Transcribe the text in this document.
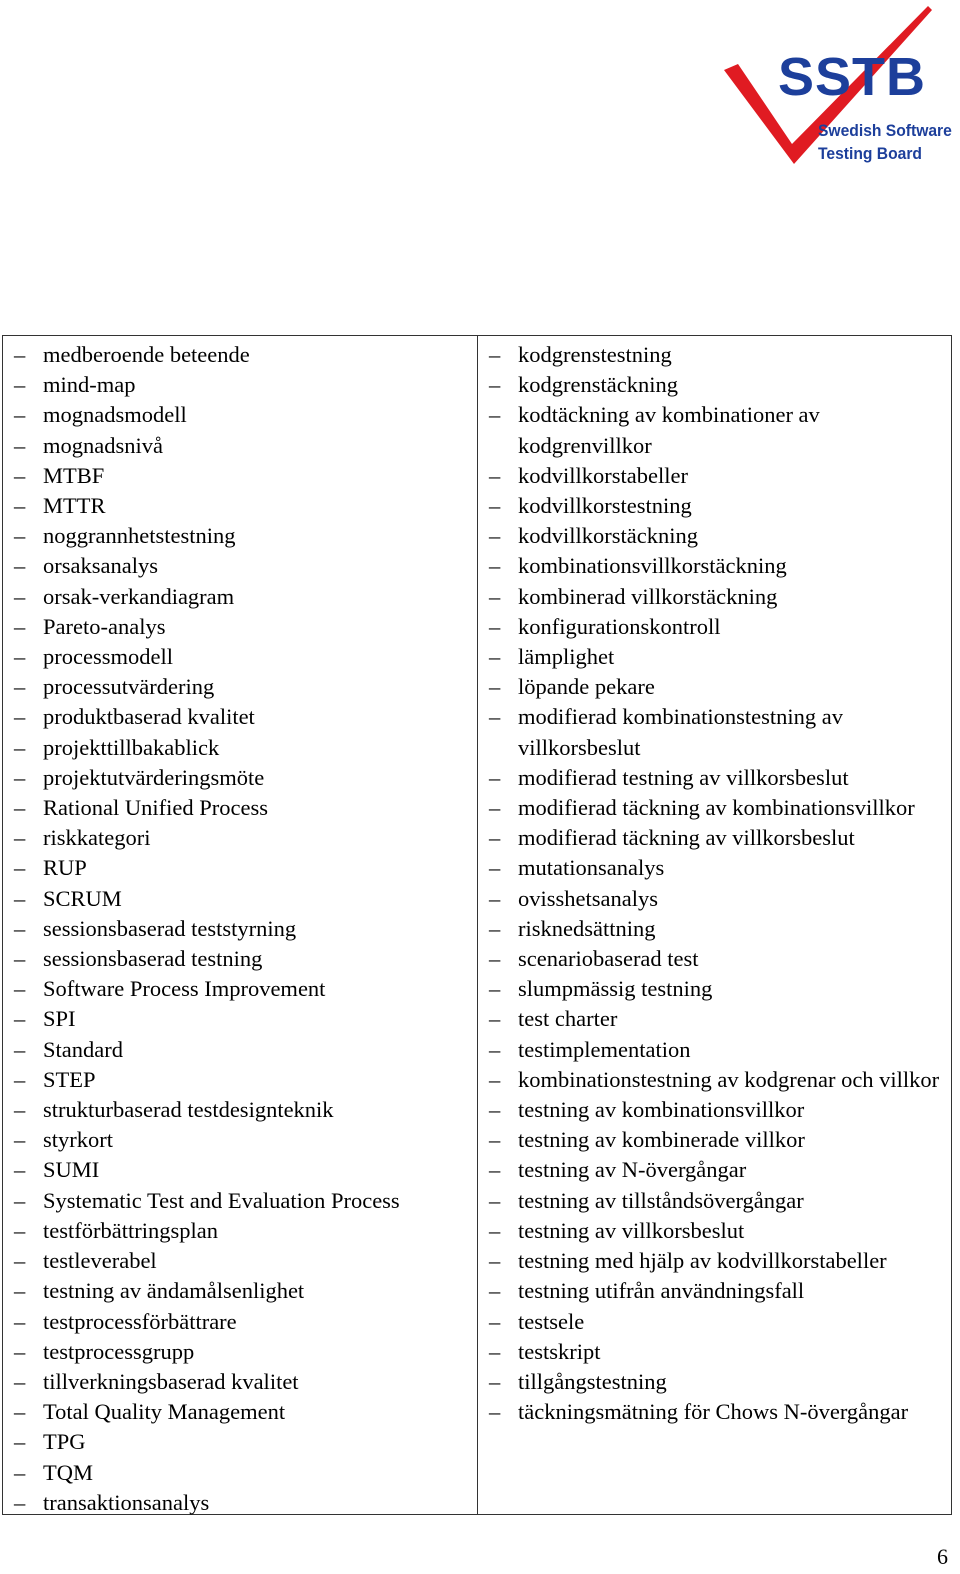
SSTB
Swedish Software
Testing Board
– medberoende beteende
– mind-map
– mognadsmodell
– mognadsnivå
– MTBF
– MTTR
– noggrannhetstestning
– orsaksanalys
– orsak-verkandiagram
– Pareto-analys
– processmodell
– processutvärdering
– produktbaserad kvalitet
– projekttillbakablick
– projektutvärderingsmöte
– Rational Unified Process
– riskkategori
– RUP
– SCRUM
– sessionsbaserad teststyrning
– sessionsbaserad testning
– Software Process Improvement
– SPI
– Standard
– STEP
– strukturbaserad testdesignteknik
– styrkort
– SUMI
– Systematic Test and Evaluation Process
– testförbättringsplan
– testleverabel
– testning av ändamålsenlighet
– testprocessförbättrare
– testprocessgrupp
– tillverkningsbaserad kvalitet
– Total Quality Management
– TPG
– TQM
– transaktionsanalys
– kodgrenstestning
– kodgrenstäckning
– kodtäckning av kombinationer av kodgrenvillkor
– kodvillkorstabeller
– kodvillkorstestning
– kodvillkorstäckning
– kombinationsvillkorstäckning
– kombinerad villkorstäckning
– konfigurationskontroll
– lämplighet
– löpande pekare
– modifierad kombinationstestning av villkorsbeslut
– modifierad testning av villkorsbeslut
– modifierad täckning av kombinationsvillkor
– modifierad täckning av villkorsbeslut
– mutationsanalys
– ovisshetsanalys
– risknedsättning
– scenariobaserad test
– slumpmässig testning
– test charter
– testimplementation
– kombinationstestning av kodgrenar och villkor
– testning av kombinationsvillkor
– testning av kombinerade villkor
– testning av N-övergångar
– testning av tillståndsövergångar
– testning av villkorsbeslut
– testning med hjälp av kodvillkorstabeller
– testning utifrån användningsfall
– testsele
– testskript
– tillgångstestning
– täckningsmätning för Chows N-övergångar
6
